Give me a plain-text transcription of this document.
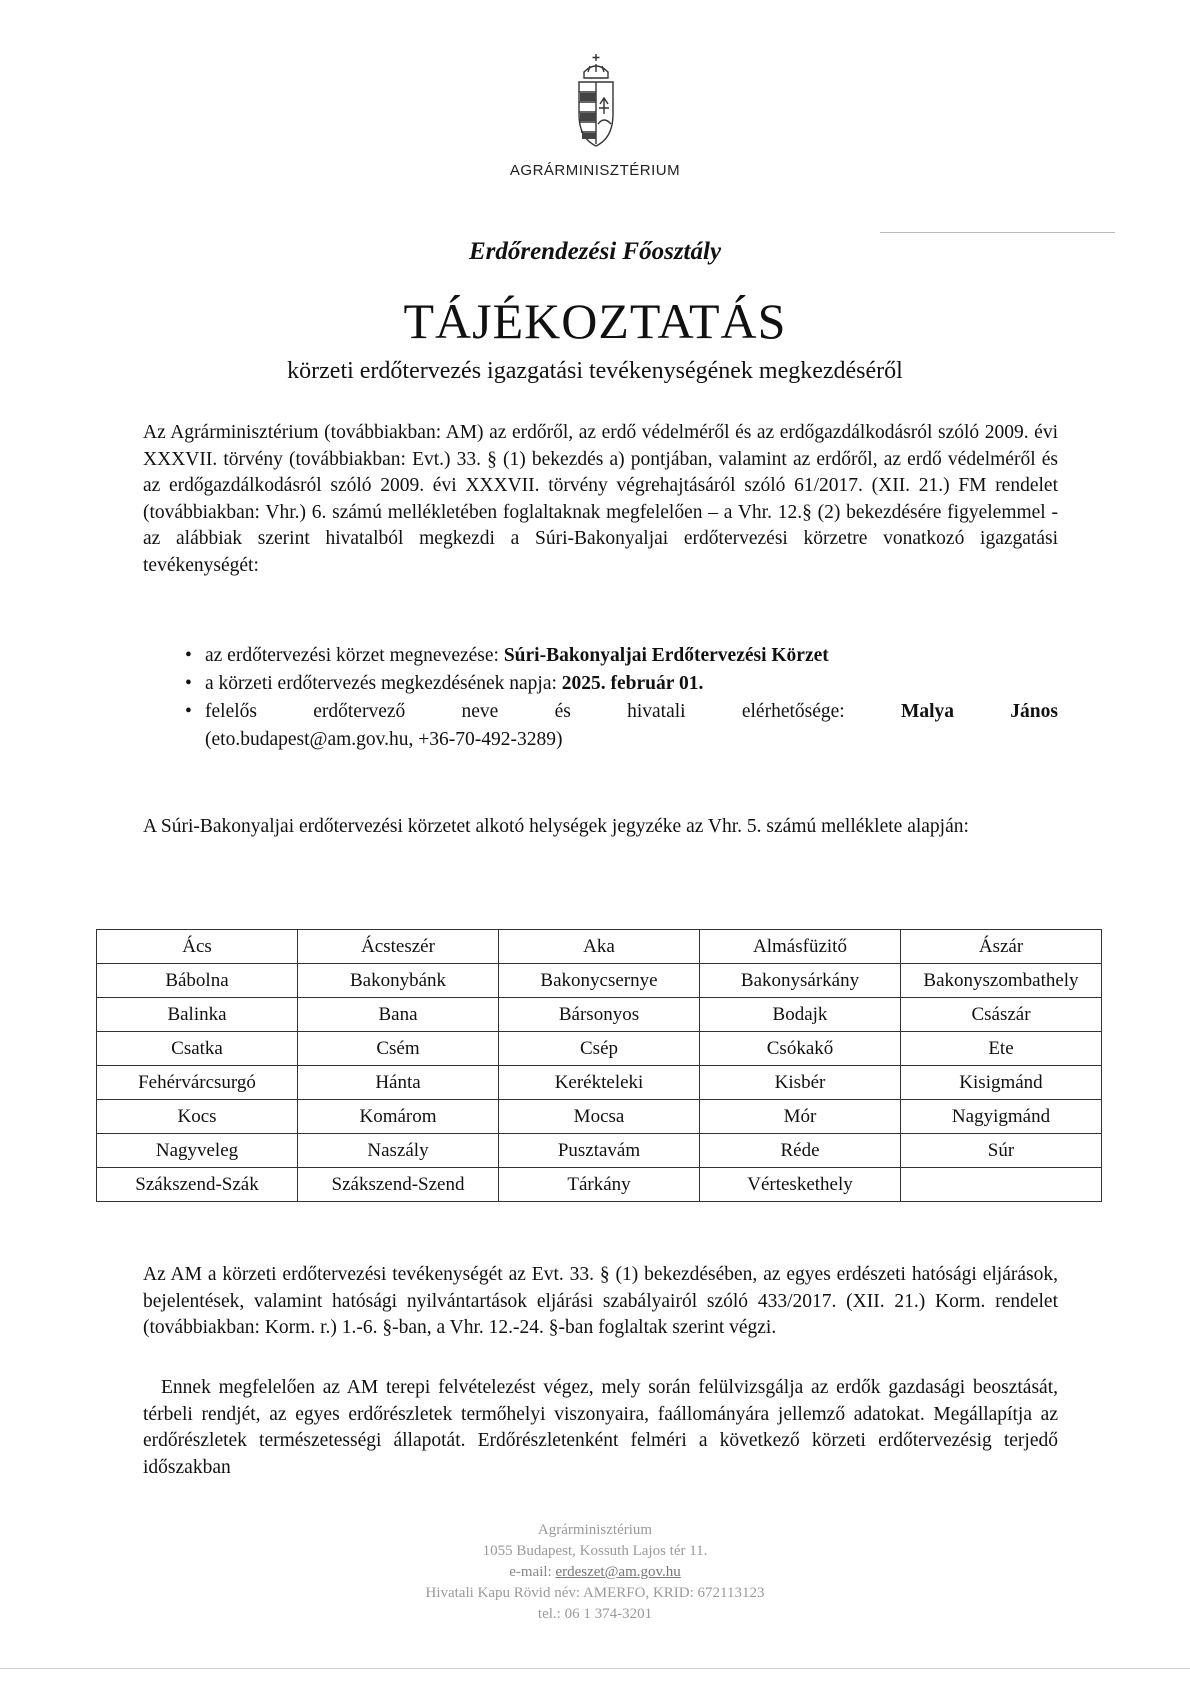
AGRÁRMINISZTÉRIUM
Erdőrendezési Főosztály
TÁJÉKOZTATÁS
körzeti erdőtervezés igazgatási tevékenységének megkezdéséről
Az Agrárminisztérium (továbbiakban: AM) az erdőről, az erdő védelméről és az erdőgazdálkodásról szóló 2009. évi XXXVII. törvény (továbbiakban: Evt.) 33. § (1) bekezdés a) pontjában, valamint az erdőről, az erdő védelméről és az erdőgazdálkodásról szóló 2009. évi XXXVII. törvény végrehajtásáról szóló 61/2017. (XII. 21.) FM rendelet (továbbiakban: Vhr.) 6. számú mellékletében foglaltaknak megfelelően – a Vhr. 12.§ (2) bekezdésére figyelemmel - az alábbiak szerint hivatalból megkezdi a Súri-Bakonyaljai erdőtervezési körzetre vonatkozó igazgatási tevékenységét:
• az erdőtervezési körzet megnevezése: Súri-Bakonyaljai Erdőtervezési Körzet
• a körzeti erdőtervezés megkezdésének napja: 2025. február 01.
• felelős erdőtervező neve és hivatali elérhetősége: Malya János
(eto.budapest@am.gov.hu, +36-70-492-3289)
A Súri-Bakonyaljai erdőtervezési körzetet alkotó helységek jegyzéke az Vhr. 5. számú melléklete alapján:
Ács	Ácsteszér	Aka	Almásfüzitő	Ászár
Bábolna	Bakonybánk	Bakonycsernye	Bakonysárkány	Bakonyszombathely
Balinka	Bana	Bársonyos	Bodajk	Császár
Csatka	Csém	Csép	Csókakő	Ete
Fehérvárcsurgó	Hánta	Kerékteleki	Kisbér	Kisigmánd
Kocs	Komárom	Mocsa	Mór	Nagyigmánd
Nagyveleg	Naszály	Pusztavám	Réde	Súr
Szákszend-Szák	Szákszend-Szend	Tárkány	Vérteskethely	
Az AM a körzeti erdőtervezési tevékenységét az Evt. 33. § (1) bekezdésében, az egyes erdészeti hatósági eljárások, bejelentések, valamint hatósági nyilvántartások eljárási szabályairól szóló 433/2017. (XII. 21.) Korm. rendelet (továbbiakban: Korm. r.) 1.-6. §-ban, a Vhr. 12.-24. §-ban foglaltak szerint végzi.
Ennek megfelelően az AM terepi felvételezést végez, mely során felülvizsgálja az erdők gazdasági beosztását, térbeli rendjét, az egyes erdőrészletek termőhelyi viszonyaira, faállományára jellemző adatokat. Megállapítja az erdőrészletek természetességi állapotát. Erdőrészletenként felméri a következő körzeti erdőtervezésig terjedő időszakban
Agrárminisztérium
1055 Budapest, Kossuth Lajos tér 11.
e-mail: erdeszet@am.gov.hu
Hivatali Kapu Rövid név: AMERFO, KRID: 672113123
tel.: 06 1 374-3201
